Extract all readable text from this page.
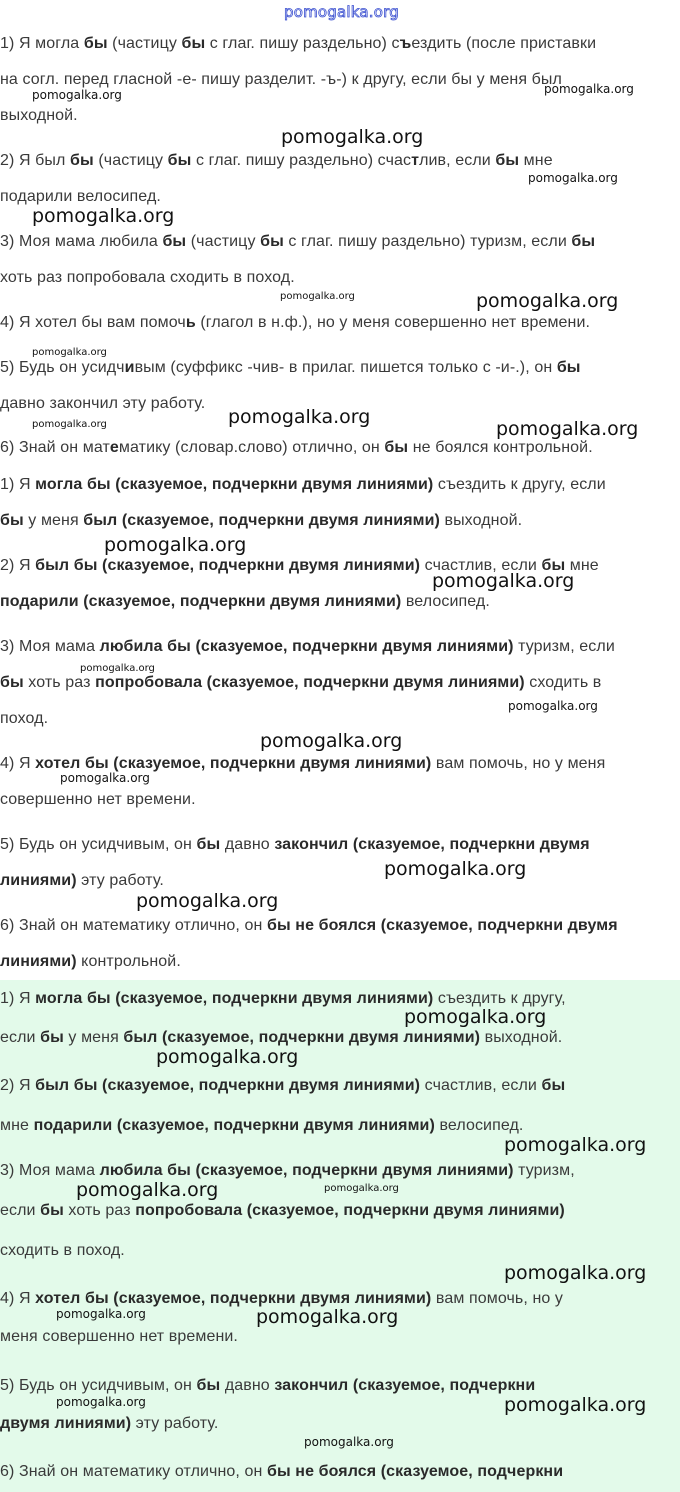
pomogalka.org
1) Я могла бы (частицу бы с глаг. пишу раздельно) съездить (после приставки
на согл. перед гласной -е- пишу разделит. -ъ-) к другу, если бы у меня был
выходной.
2) Я был бы (частицу бы с глаг. пишу раздельно) счастлив, если бы мне
подарили велосипед.
3) Моя мама любила бы (частицу бы с глаг. пишу раздельно) туризм, если бы
хоть раз попробовала сходить в поход.
4) Я хотел бы вам помочь (глагол в н.ф.), но у меня совершенно нет времени.
5) Будь он усидчивым (суффикс -чив- в прилаг. пишется только с -и-.), он бы
давно закончил эту работу.
6) Знай он математику (словар.слово) отлично, он бы не боялся контрольной.
1) Я могла бы (сказуемое, подчеркни двумя линиями) съездить к другу, если
бы у меня был (сказуемое, подчеркни двумя линиями) выходной.
2) Я был бы (сказуемое, подчеркни двумя линиями) счастлив, если бы мне
подарили (сказуемое, подчеркни двумя линиями) велосипед.
3) Моя мама любила бы (сказуемое, подчеркни двумя линиями) туризм, если
бы хоть раз попробовала (сказуемое, подчеркни двумя линиями) сходить в
поход.
4) Я хотел бы (сказуемое, подчеркни двумя линиями) вам помочь, но у меня
совершенно нет времени.
5) Будь он усидчивым, он бы давно закончил (сказуемое, подчеркни двумя
линиями) эту работу.
6) Знай он математику отлично, он бы не боялся (сказуемое, подчеркни двумя
линиями) контрольной.
1) Я могла бы (сказуемое, подчеркни двумя линиями) съездить к другу,
если бы у меня был (сказуемое, подчеркни двумя линиями) выходной.
2) Я был бы (сказуемое, подчеркни двумя линиями) счастлив, если бы
мне подарили (сказуемое, подчеркни двумя линиями) велосипед.
3) Моя мама любила бы (сказуемое, подчеркни двумя линиями) туризм,
если бы хоть раз попробовала (сказуемое, подчеркни двумя линиями)
сходить в поход.
4) Я хотел бы (сказуемое, подчеркни двумя линиями) вам помочь, но у
меня совершенно нет времени.
5) Будь он усидчивым, он бы давно закончил (сказуемое, подчеркни
двумя линиями) эту работу.
6) Знай он математику отлично, он бы не боялся (сказуемое, подчеркни
pomogalka.org	pomogalka.org
pomogalka.org
pomogalka.org
pomogalka.org
pomogalka.org	pomogalka.org
pomogalka.org
pomogalka.org	pomogalka.org
pomogalka.org
pomogalka.org
pomogalka.org
pomogalka.org
pomogalka.org
pomogalka.org
pomogalka.org
pomogalka.org
pomogalka.org
pomogalka.org
pomogalka.org
pomogalka.org
pomogalka.org	pomogalka.org
pomogalka.org
pomogalka.org	pomogalka.org
pomogalka.org	pomogalka.org
pomogalka.org
